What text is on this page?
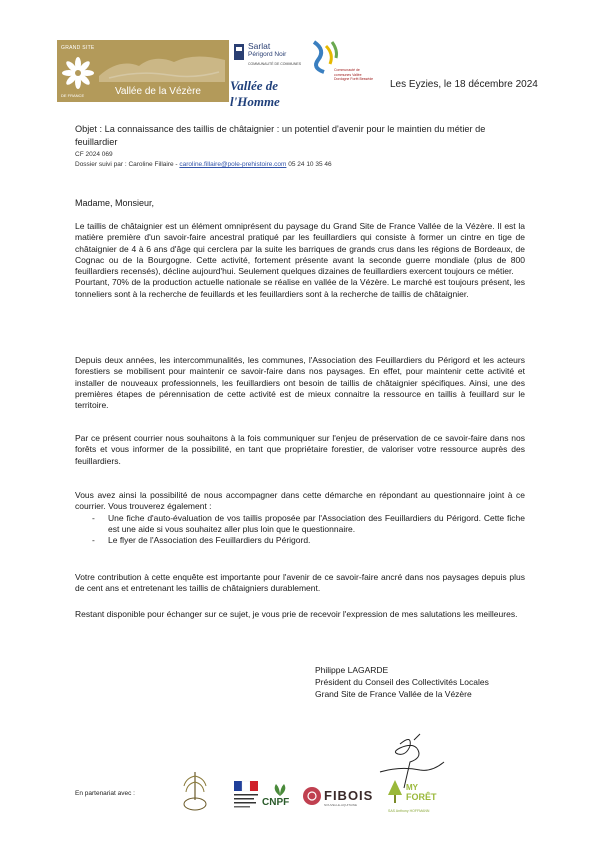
GRAND SITE
DE FRANCE	Vallée de la Vézère
Sarlat
Périgord Noir
COMMUNAUTÉ DE COMMUNES
Vallée de l'Homme
Communauté de communes Vallée Dordogne Forêt Bessède Les Eyzies, le 18 décembre 2024
Objet : La connaissance des taillis de châtaignier : un potentiel d'avenir pour le maintien du métier de feuillardier
CF 2024 069
Dossier suivi par : Caroline Fillaire - caroline.fillaire@pole-prehistoire.com 05 24 10 35 46
Madame, Monsieur,
Le taillis de châtaignier est un élément omniprésent du paysage du Grand Site de France Vallée de la Vézère. Il est la matière première d'un savoir-faire ancestral pratiqué par les feuillardiers qui consiste à former un cintre en tige de châtaignier de 4 à 6 ans d'âge qui cerclera par la suite les barriques de grands crus dans les régions de Bordeaux, de Cognac ou de la Bourgogne. Cette activité, fortement présente avant la seconde guerre mondiale (plus de 800 feuillardiers recensés), décline aujourd'hui. Seulement quelques dizaines de feuillardiers exercent toujours ce métier.
Pourtant, 70% de la production actuelle nationale se réalise en vallée de la Vézère. Le marché est toujours présent, les tonneliers sont à la recherche de feuillards et les feuillardiers sont à la recherche de taillis de châtaignier.
Depuis deux années, les intercommunalités, les communes, l'Association des Feuillardiers du Périgord et les acteurs forestiers se mobilisent pour maintenir ce savoir-faire dans nos paysages. En effet, pour maintenir cette activité et installer de nouveaux professionnels, les feuillardiers ont besoin de taillis de châtaignier spécifiques. Ainsi, une des premières étapes de pérennisation de cette activité est de mieux connaitre la ressource en taillis à feuillard sur le territoire.
Par ce présent courrier nous souhaitons à la fois communiquer sur l'enjeu de préservation de ce savoir-faire dans nos forêts et vous informer de la possibilité, en tant que propriétaire forestier, de valoriser votre ressource auprès des feuillardiers.
Vous avez ainsi la possibilité de nous accompagner dans cette démarche en répondant au questionnaire joint à ce courrier. Vous trouverez également :
- Une fiche d'auto-évaluation de vos taillis proposée par l'Association des Feuillardiers du Périgord. Cette fiche est une aide si vous souhaitez aller plus loin que le questionnaire.
- Le flyer de l'Association des Feuillardiers du Périgord.
Votre contribution à cette enquête est importante pour l'avenir de ce savoir-faire ancré dans nos paysages depuis plus de cent ans et entretenant les taillis de châtaigniers durablement.
Restant disponible pour échanger sur ce sujet, je vous prie de recevoir l'expression de mes salutations les meilleures.
Philippe LAGARDE
Président du Conseil des Collectivités Locales
Grand Site de France Vallée de la Vézère
En partenariat avec :
CNPF	FIBOIS
NOUVELLE-AQUITAINE
MY
FORÊT
SAS Anthony HOFFMANN
